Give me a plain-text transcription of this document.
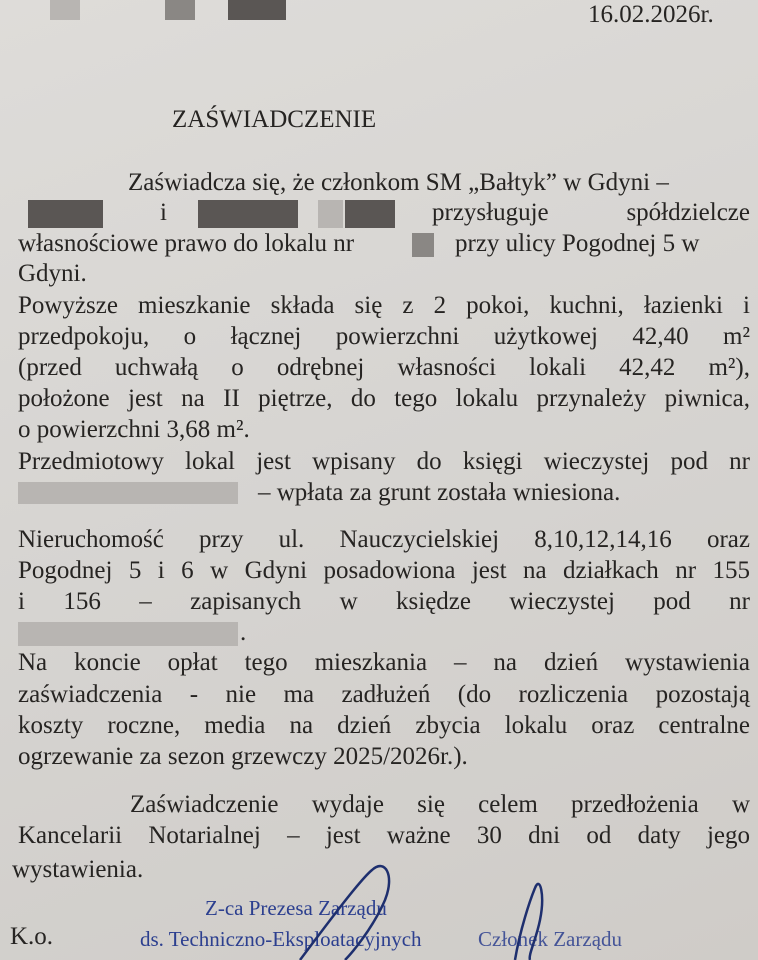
16.02.2026r.
ZAŚWIADCZENIE
Zaświadcza się, że członkom SM „Bałtyk” w Gdyni –
i	przysługuje spółdzielcze
własnościowe prawo do lokalu nr	przy ulicy Pogodnej 5 w
Gdyni.
Powyższe mieszkanie składa się z 2 pokoi, kuchni, łazienki i
przedpokoju, o łącznej powierzchni użytkowej 42,40 m²
(przed uchwałą o odrębnej własności lokali 42,42 m²),
położone jest na II piętrze, do tego lokalu przynależy piwnica,
o powierzchni 3,68 m².
Przedmiotowy lokal jest wpisany do księgi wieczystej pod nr
– wpłata za grunt została wniesiona.
Nieruchomość przy ul. Nauczycielskiej 8,10,12,14,16 oraz
Pogodnej 5 i 6 w Gdyni posadowiona jest na działkach nr 155
i 156 – zapisanych w księdze wieczystej pod nr
.
Na koncie opłat tego mieszkania – na dzień wystawienia
zaświadczenia - nie ma zadłużeń (do rozliczenia pozostają
koszty roczne, media na dzień zbycia lokalu oraz centralne
ogrzewanie za sezon grzewczy 2025/2026r.).
Zaświadczenie wydaje się celem przedłożenia w
Kancelarii Notarialnej – jest ważne 30 dni od daty jego
wystawienia.
Z-ca Prezesa Zarządu
ds. Techniczno-Eksploatacyjnych	Członek Zarządu
K.o.
